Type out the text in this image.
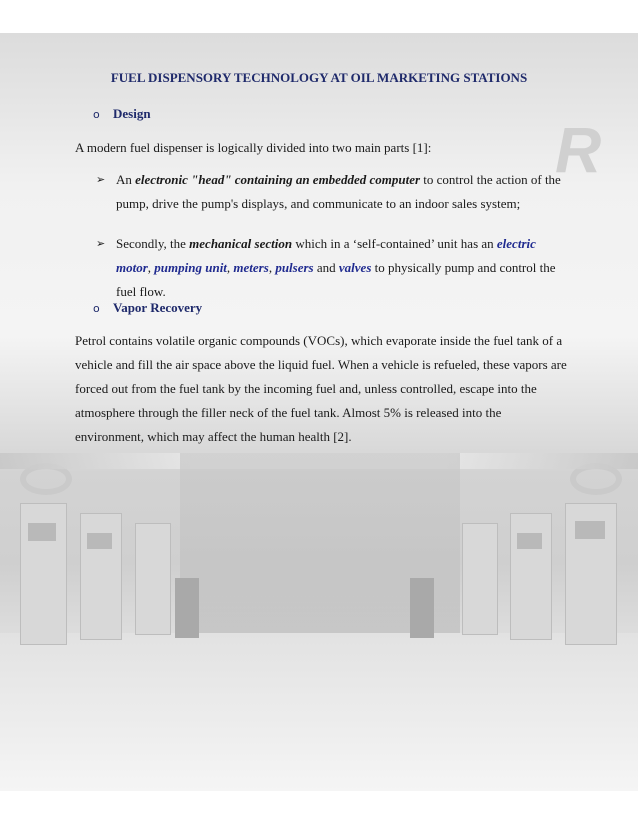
R
FUEL DISPENSORY TECHNOLOGY AT OIL MARKETING STATIONS
o Design
A modern fuel dispenser is logically divided into two main parts [1]:
➢ An electronic "head" containing an embedded computer to control the action of the pump, drive the pump's displays, and communicate to an indoor sales system;
➢ Secondly, the mechanical section which in a ‘self-contained’ unit has an electric motor, pumping unit, meters, pulsers and valves to physically pump and control the fuel flow.
o Vapor Recovery
Petrol contains volatile organic compounds (VOCs), which evaporate inside the fuel tank of a vehicle and fill the air space above the liquid fuel. When a vehicle is refueled, these vapors are forced out from the fuel tank by the incoming fuel and, unless controlled, escape into the atmosphere through the filler neck of the fuel tank. Almost 5% is released into the environment, which may affect the human health [2].
